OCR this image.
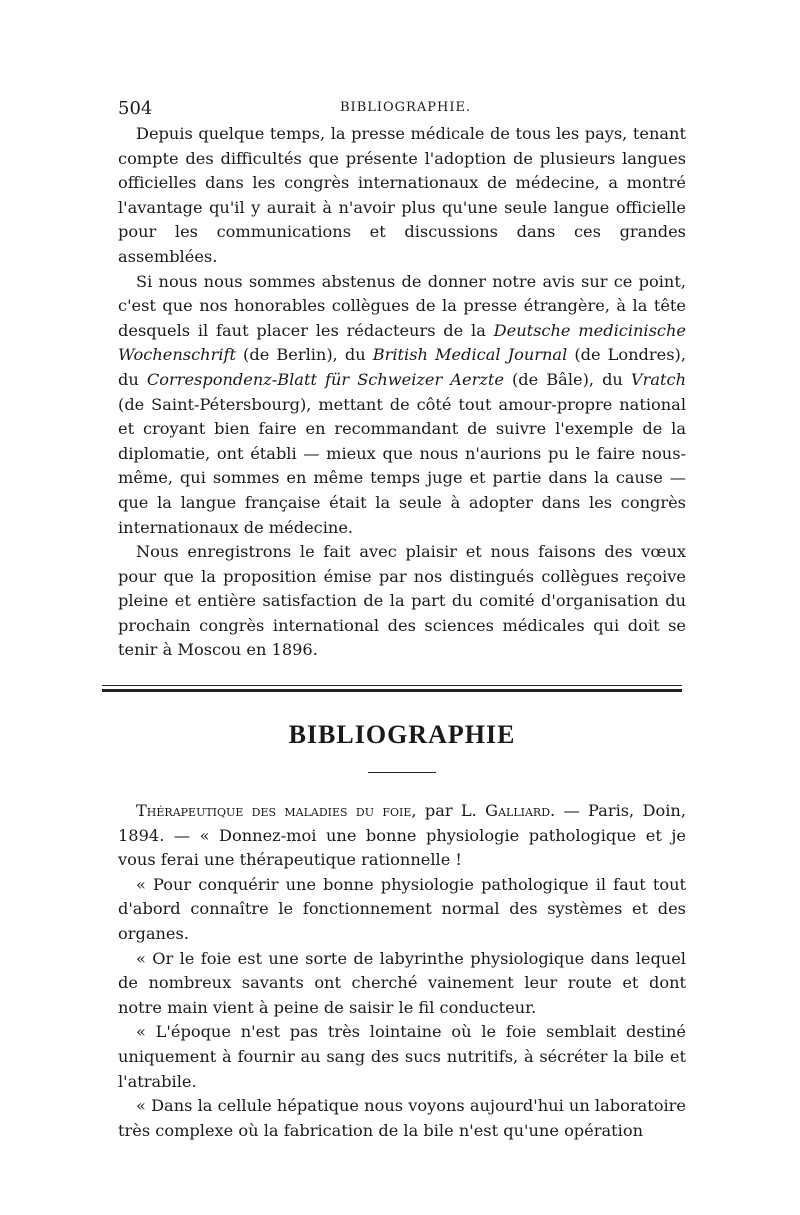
504	BIBLIOGRAPHIE.

Depuis quelque temps, la presse médicale de tous les pays, tenant compte des difficultés que présente l'adoption de plusieurs langues officielles dans les congrès internationaux de médecine, a montré l'avantage qu'il y aurait à n'avoir plus qu'une seule langue officielle pour les communications et discussions dans ces grandes assemblées.

Si nous nous sommes abstenus de donner notre avis sur ce point, c'est que nos honorables collègues de la presse étrangère, à la tête desquels il faut placer les rédacteurs de la Deutsche medicinische Wochenschrift (de Berlin), du British Medical Journal (de Londres), du Correspondenz-Blatt für Schweizer Aerzte (de Bâle), du Vratch (de Saint-Pétersbourg), mettant de côté tout amour-propre national et croyant bien faire en recommandant de suivre l'exemple de la diplomatie, ont établi — mieux que nous n'aurions pu le faire nous-même, qui sommes en même temps juge et partie dans la cause — que la langue française était la seule à adopter dans les congrès internationaux de médecine.

Nous enregistrons le fait avec plaisir et nous faisons des vœux pour que la proposition émise par nos distingués collègues reçoive pleine et entière satisfaction de la part du comité d'organisation du prochain congrès international des sciences médicales qui doit se tenir à Moscou en 1896.

BIBLIOGRAPHIE

Thérapeutique des maladies du foie, par L. Galliard. — Paris, Doin, 1894. — « Donnez-moi une bonne physiologie pathologique et je vous ferai une thérapeutique rationnelle !

« Pour conquérir une bonne physiologie pathologique il faut tout d'abord connaître le fonctionnement normal des systèmes et des organes.

« Or le foie est une sorte de labyrinthe physiologique dans lequel de nombreux savants ont cherché vainement leur route et dont notre main vient à peine de saisir le fil conducteur.

« L'époque n'est pas très lointaine où le foie semblait destiné uniquement à fournir au sang des sucs nutritifs, à sécréter la bile et l'atrabile.

« Dans la cellule hépatique nous voyons aujourd'hui un laboratoire très complexe où la fabrication de la bile n'est qu'une opération
